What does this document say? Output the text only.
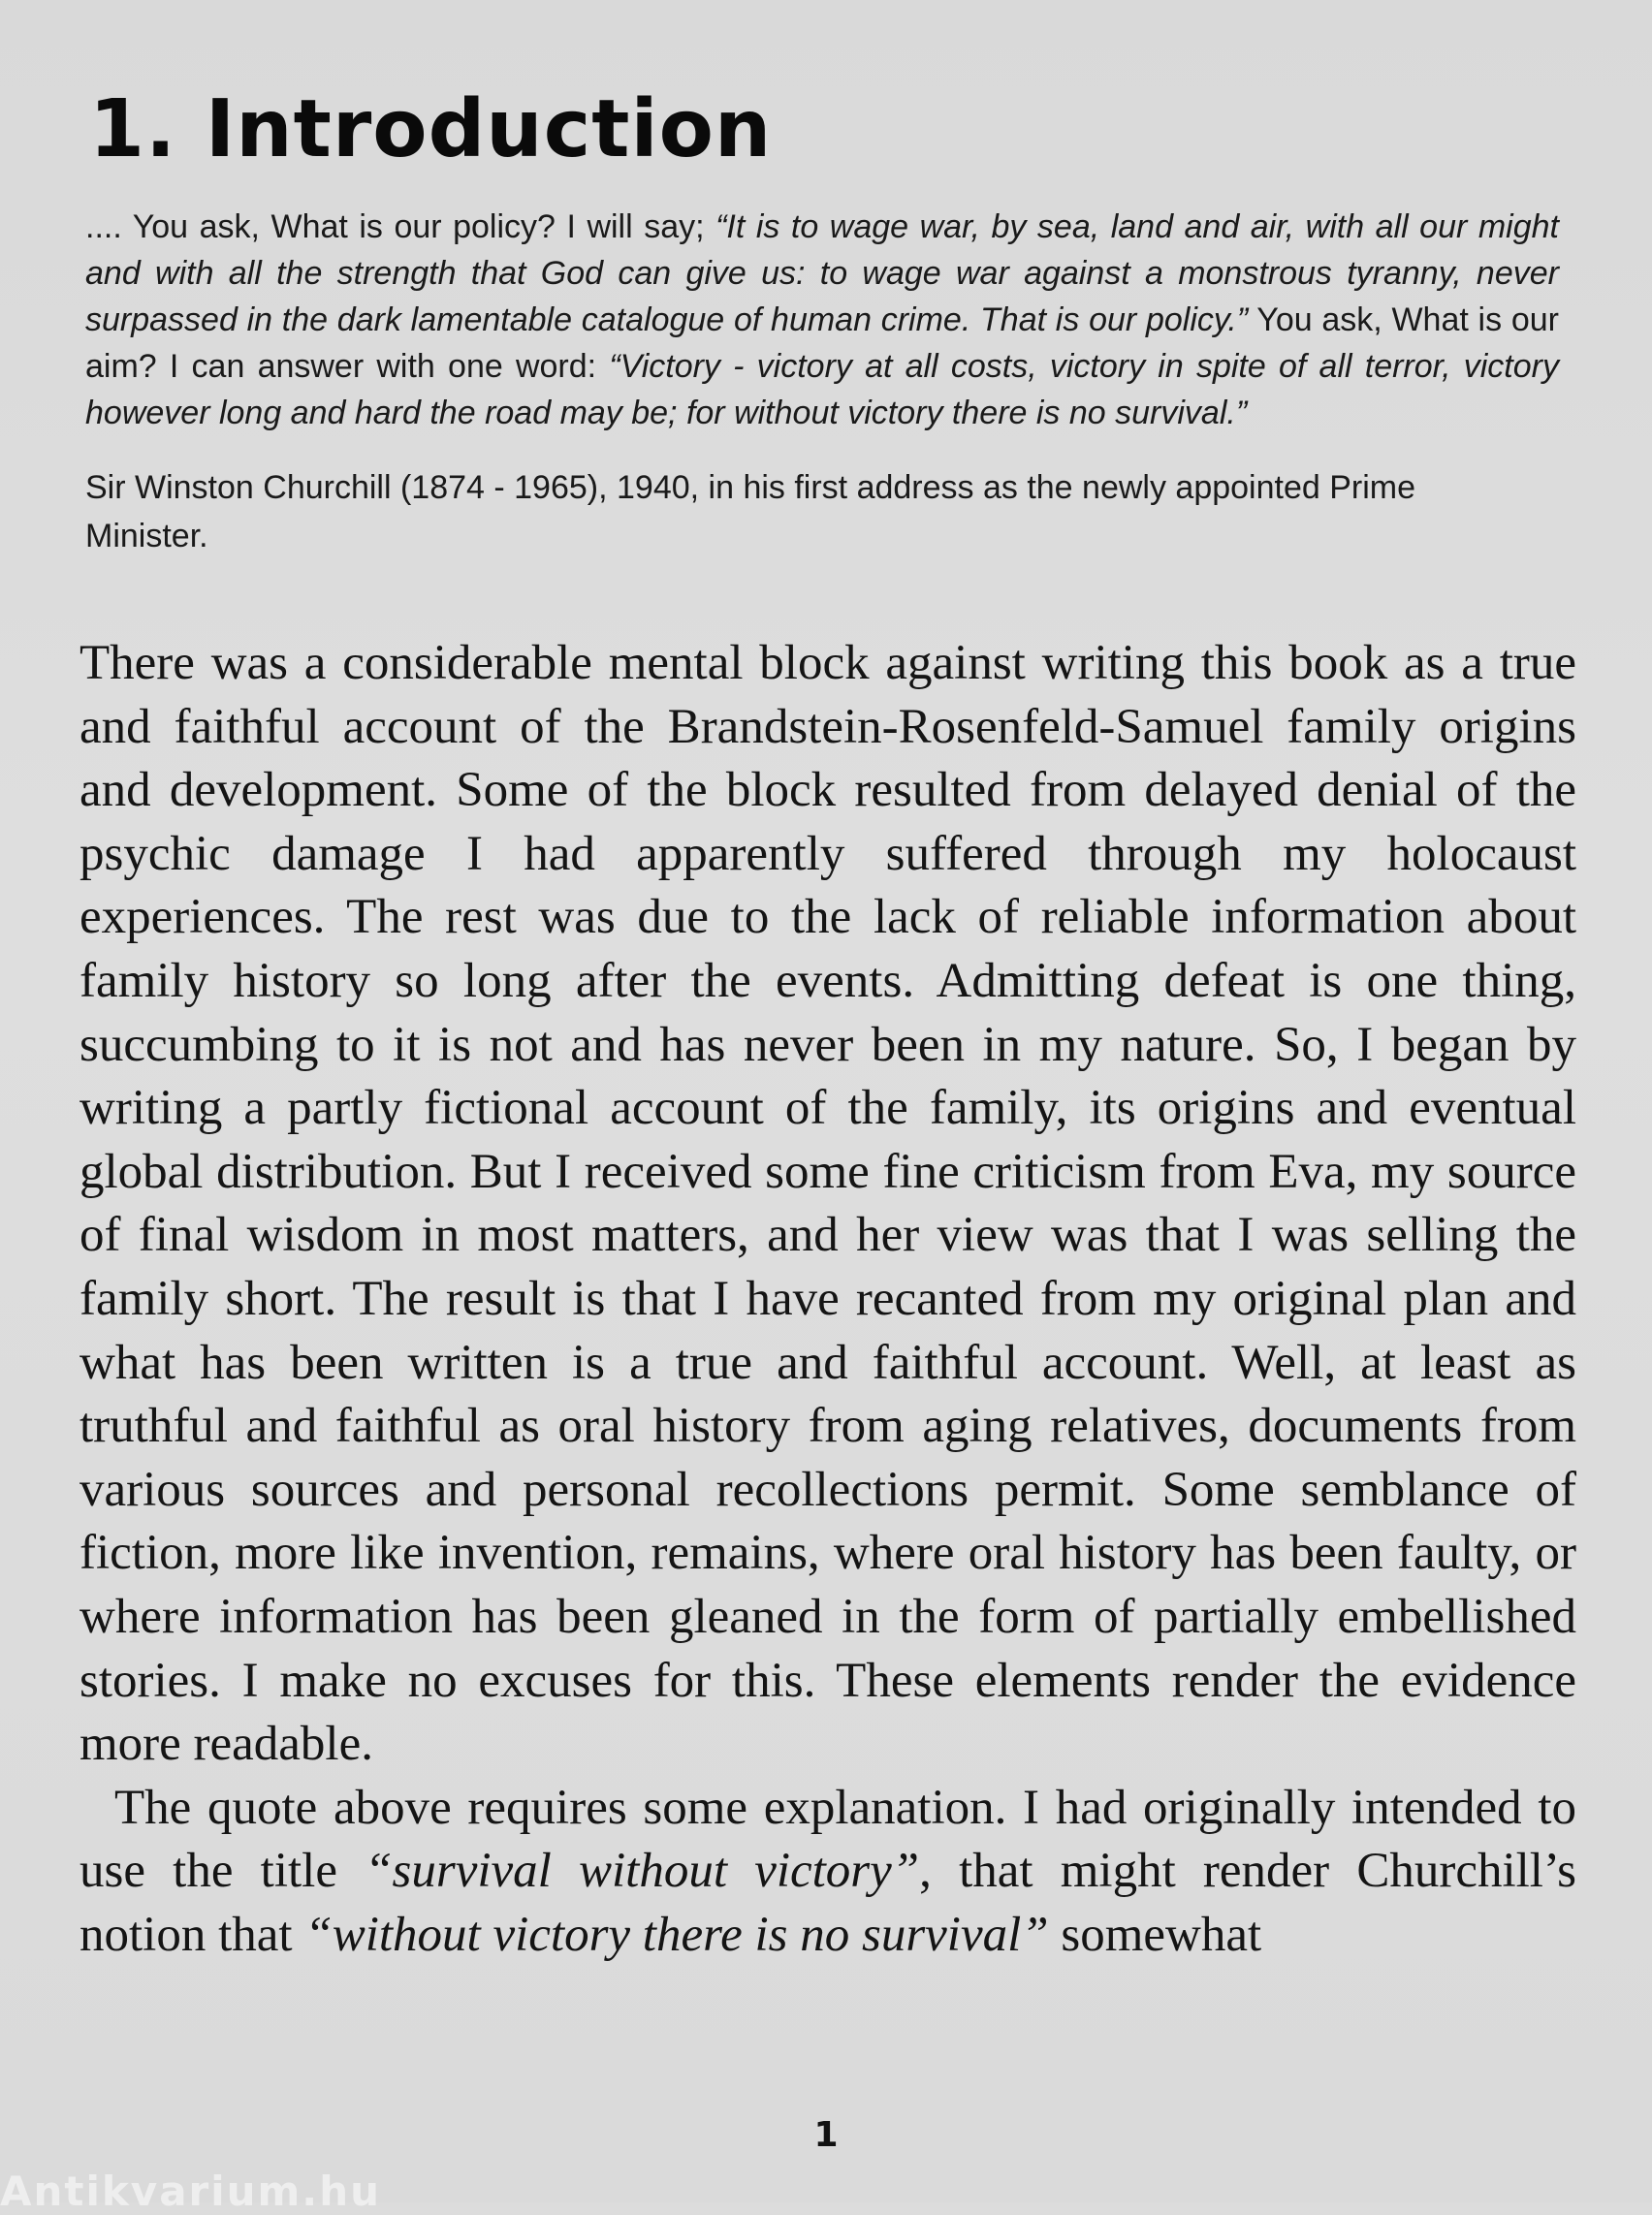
1. Introduction

.... You ask, What is our policy? I will say; “It is to wage war, by sea, land and air, with all our might and with all the strength that God can give us: to wage war against a monstrous tyranny, never surpassed in the dark lamentable catalogue of human crime. That is our policy.” You ask, What is our aim? I can answer with one word: “Victory - victory at all costs, victory in spite of all terror, victory however long and hard the road may be; for without victory there is no survival.”

Sir Winston Churchill (1874 - 1965), 1940, in his first address as the newly appointed Prime Minister.

There was a considerable mental block against writing this book as a true and faithful account of the Brandstein-Rosenfeld-Samuel family origins and development. Some of the block resulted from delayed denial of the psychic damage I had apparently suffered through my holocaust experiences. The rest was due to the lack of reliable information about family history so long after the events. Admitting defeat is one thing, succumbing to it is not and has never been in my nature. So, I began by writing a partly fictional account of the family, its origins and eventual global distribution. But I received some fine criticism from Eva, my source of final wisdom in most matters, and her view was that I was selling the family short. The result is that I have recanted from my original plan and what has been written is a true and faithful account. Well, at least as truthful and faithful as oral history from aging relatives, documents from various sources and personal recollections permit. Some semblance of fiction, more like invention, remains, where oral history has been faulty, or where information has been gleaned in the form of partially embellished stories. I make no excuses for this. These elements render the evidence more readable.

The quote above requires some explanation. I had originally intended to use the title “survival without victory”, that might render Churchill’s notion that “without victory there is no survival” somewhat

1
Antikvarium.hu
